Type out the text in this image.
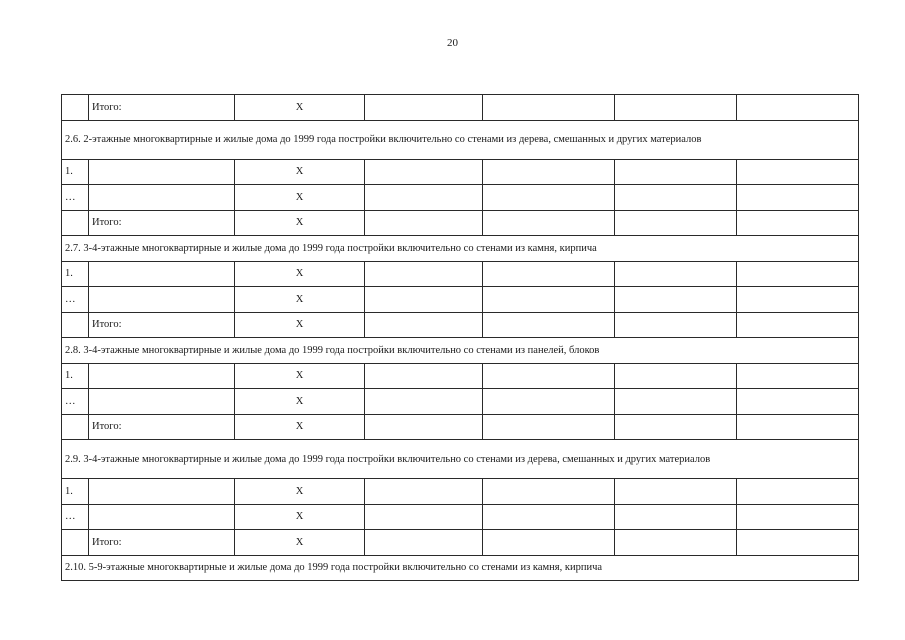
20
	Итого:	X				
2.6. 2-этажные многоквартирные и жилые дома до 1999 года постройки включительно со стенами из дерева, смешанных и других материалов						
1.		X				
…		X				
	Итого:	X				
2.7. 3-4-этажные многоквартирные и жилые дома до 1999 года постройки включительно со стенами из камня, кирпича						
1.		X				
…		X				
	Итого:	X				
2.8. 3-4-этажные многоквартирные и жилые дома до 1999 года постройки включительно со стенами из панелей, блоков						
1.		X				
…		X				
	Итого:	X				
2.9. 3-4-этажные многоквартирные и жилые дома до 1999 года постройки включительно со стенами из дерева, смешанных и других материалов						
1.		X				
…		X				
	Итого:	X				
2.10. 5-9-этажные многоквартирные и жилые дома до 1999 года постройки включительно со стенами из камня, кирпича						
